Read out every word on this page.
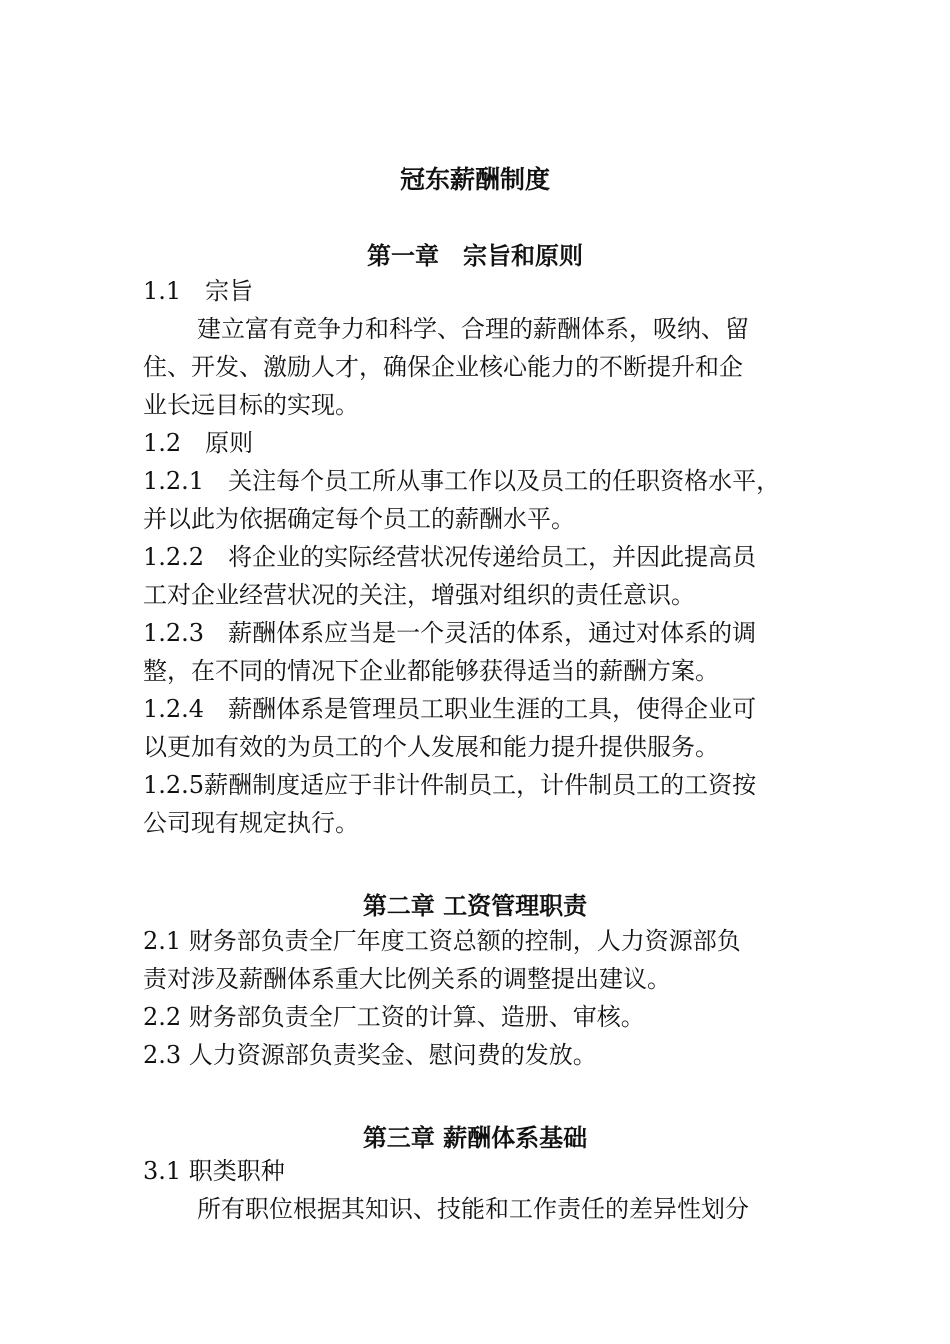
冠东薪酬制度
第一章　宗旨和原则
1.1　宗旨
建立富有竞争力和科学、合理的薪酬体系，吸纳、留
住、开发、激励人才，确保企业核心能力的不断提升和企
业长远目标的实现。
1.2　原则
1.2.1　关注每个员工所从事工作以及员工的任职资格水平，
并以此为依据确定每个员工的薪酬水平。
1.2.2　将企业的实际经营状况传递给员工，并因此提高员
工对企业经营状况的关注，增强对组织的责任意识。
1.2.3　薪酬体系应当是一个灵活的体系，通过对体系的调
整，在不同的情况下企业都能够获得适当的薪酬方案。
1.2.4　薪酬体系是管理员工职业生涯的工具，使得企业可
以更加有效的为员工的个人发展和能力提升提供服务。
1.2.5薪酬制度适应于非计件制员工，计件制员工的工资按
公司现有规定执行。
第二章 工资管理职责
2.1 财务部负责全厂年度工资总额的控制，人力资源部负
责对涉及薪酬体系重大比例关系的调整提出建议。
2.2 财务部负责全厂工资的计算、造册、审核。
2.3 人力资源部负责奖金、慰问费的发放。
第三章 薪酬体系基础
3.1 职类职种
所有职位根据其知识、技能和工作责任的差异性划分
